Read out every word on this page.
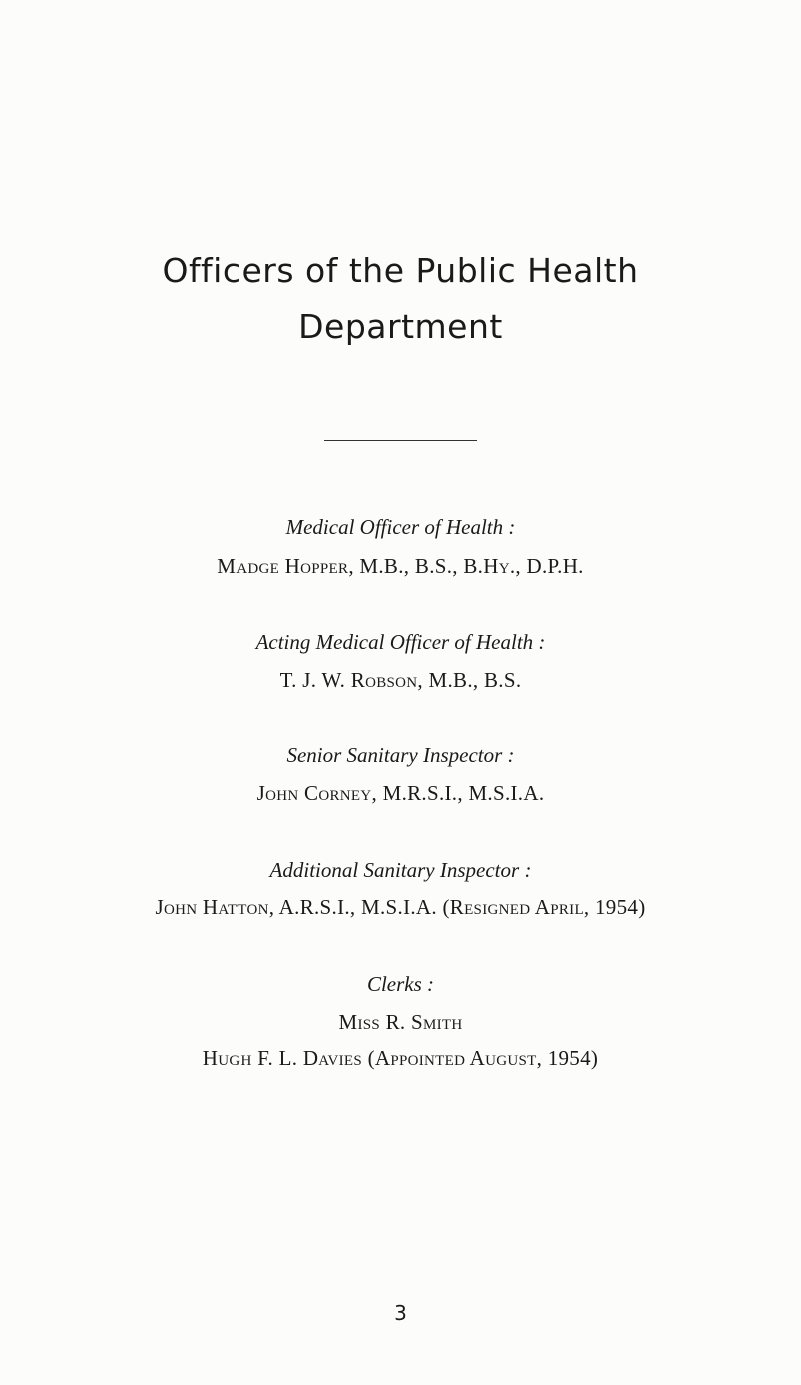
Officers of the Public Health
Department
Medical Officer of Health :
Madge Hopper, M.B., B.S., B.Hy., D.P.H.
Acting Medical Officer of Health :
T. J. W. Robson, M.B., B.S.
Senior Sanitary Inspector :
John Corney, M.R.S.I., M.S.I.A.
Additional Sanitary Inspector :
John Hatton, A.R.S.I., M.S.I.A. (Resigned April, 1954)
Clerks :
Miss R. Smith
Hugh F. L. Davies (Appointed August, 1954)
3
